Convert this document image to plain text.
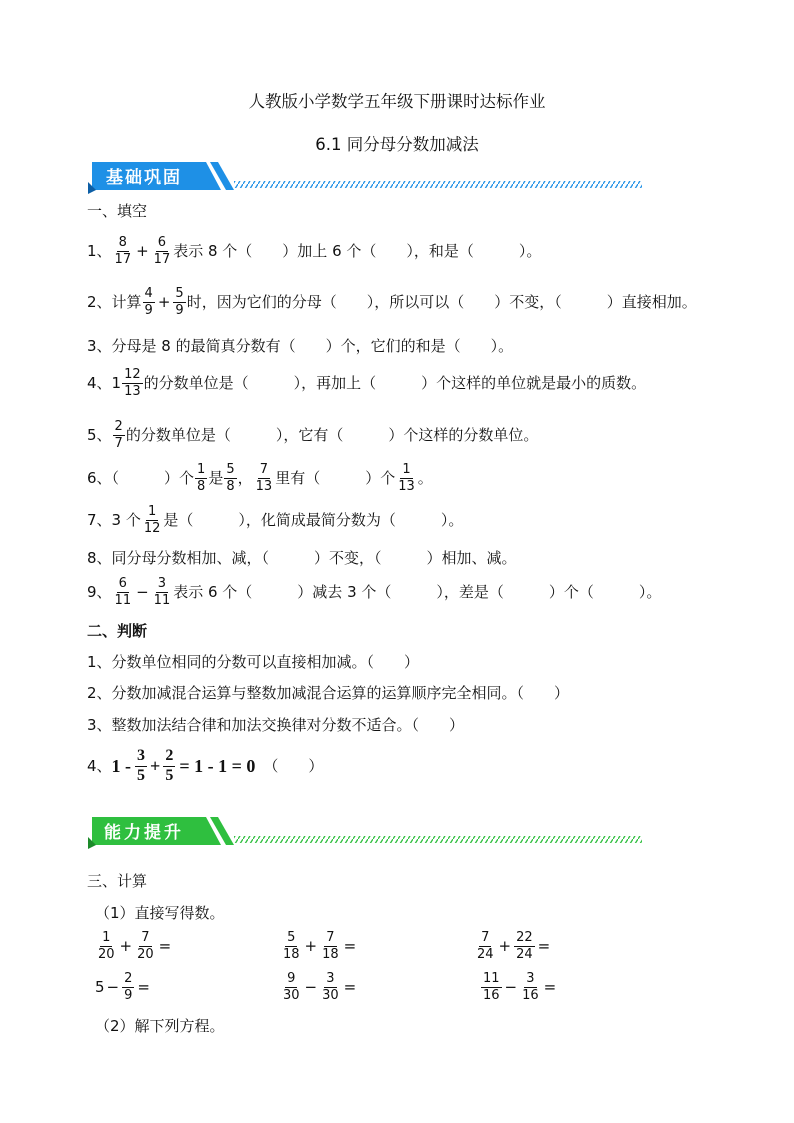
人教版小学数学五年级下册课时达标作业
6.1 同分母分数加减法
基础巩固
一、填空
1、 $\frac{8}{17} + \frac{6}{17}$ 表示 8 个（　　）加上 6 个（　　），和是（　　　）。
2、计算 $\frac{4}{9} + \frac{5}{9}$ 时，因为它们的分母（　　），所以可以（　　）不变，（　　　）直接相加。
3、分母是 8 的最简真分数有（　　）个，它们的和是（　　）。
4、 $1 \frac{12}{13}$ 的分数单位是（　　　），再加上（　　　）个这样的单位就是最小的质数。
5、 $\frac{2}{7}$ 的分数单位是（　　　），它有（　　　）个这样的分数单位。
6、（　　　）个 $\frac{1}{8}$ 是 $\frac{5}{8}$ ， $\frac{7}{13}$ 里有（　　　）个 $\frac{1}{13}$ 。
7、3 个 $\frac{1}{12}$ 是（　　　），化简成最简分数为（　　　）。
8、同分母分数相加、减，（　　　）不变，（　　　）相加、减。
9、 $\frac{6}{11} - \frac{3}{11}$ 表示 6 个（　　　）减去 3 个（　　　），差是（　　　）个（　　　）。
二、判断
1、分数单位相同的分数可以直接相加减。（　　）
2、分数加减混合运算与整数加减混合运算的运算顺序完全相同。（　　）
3、整数加法结合律和加法交换律对分数不适合。（　　）
4、 $1 - \frac{3}{5} + \frac{2}{5} = 1 - 1 = 0$ （　　）
能力提升
三、计算
（1）直接写得数。
$\frac{1}{20} + \frac{7}{20}$ =	$\frac{5}{18} + \frac{7}{18}$ =	$\frac{7}{24} + \frac{22}{24}$ =
$5 - \frac{2}{9}$ =	$\frac{9}{30} - \frac{3}{30}$ =	$\frac{11}{16} - \frac{3}{16}$ =
（2）解下列方程。
